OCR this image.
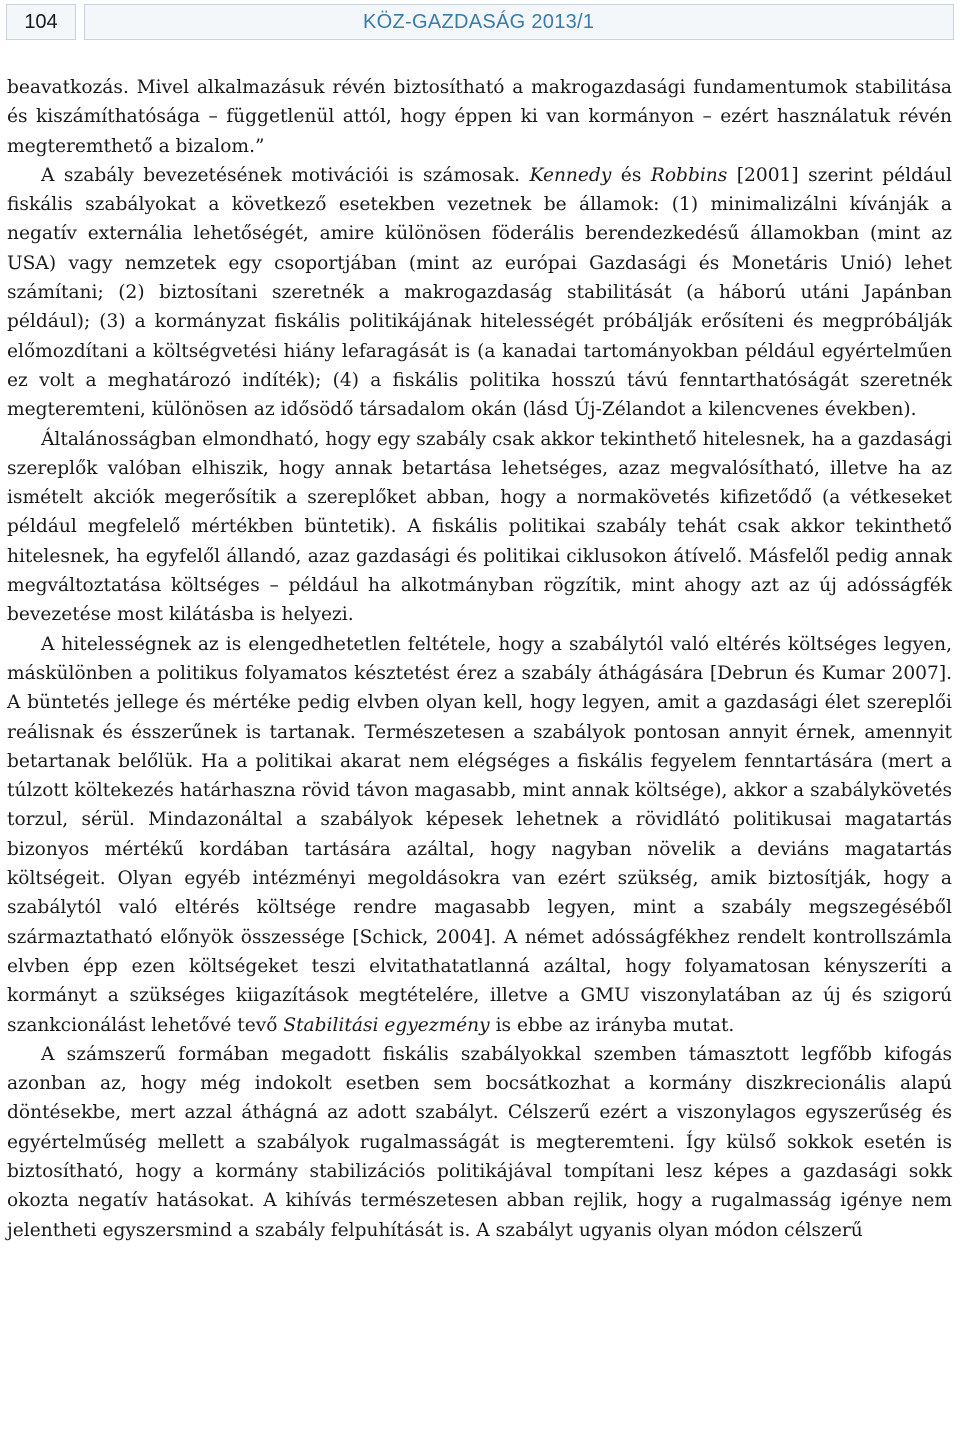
104	KÖZ-GAZDASÁG 2013/1

beavatkozás. Mivel alkalmazásuk révén biztosítható a makrogazdasági fundamentumok stabilitása és kiszámíthatósága – függetlenül attól, hogy éppen ki van kormányon – ezért használatuk révén megteremthető a bizalom.”

A szabály bevezetésének motivációi is számosak. Kennedy és Robbins [2001] szerint például fiskális szabályokat a következő esetekben vezetnek be államok: (1) minimalizálni kívánják a negatív externália lehetőségét, amire különösen föderális berendezkedésű államokban (mint az USA) vagy nemzetek egy csoportjában (mint az európai Gazdasági és Monetáris Unió) lehet számítani; (2) biztosítani szeretnék a makrogazdaság stabilitását (a háború utáni Japánban például); (3) a kormányzat fiskális politikájának hitelességét próbálják erősíteni és megpróbálják előmozdítani a költségvetési hiány lefaragását is (a kanadai tartományokban például egyértelműen ez volt a meghatározó indíték); (4) a fiskális politika hosszú távú fenntarthatóságát szeretnék megteremteni, különösen az idősödő társadalom okán (lásd Új-Zélandot a kilencvenes években).

Általánosságban elmondható, hogy egy szabály csak akkor tekinthető hitelesnek, ha a gazdasági szereplők valóban elhiszik, hogy annak betartása lehetséges, azaz megvalósítható, illetve ha az ismételt akciók megerősítik a szereplőket abban, hogy a normakövetés kifizetődő (a vétkeseket például megfelelő mértékben büntetik). A fiskális politikai szabály tehát csak akkor tekinthető hitelesnek, ha egyfelől állandó, azaz gazdasági és politikai ciklusokon átívelő. Másfelől pedig annak megváltoztatása költséges – például ha alkotmányban rögzítik, mint ahogy azt az új adósságfék bevezetése most kilátásba is helyezi.

A hitelességnek az is elengedhetetlen feltétele, hogy a szabálytól való eltérés költséges legyen, máskülönben a politikus folyamatos késztetést érez a szabály áthágására [Debrun és Kumar 2007]. A büntetés jellege és mértéke pedig elvben olyan kell, hogy legyen, amit a gazdasági élet szereplői reálisnak és ésszerűnek is tartanak. Természetesen a szabályok pontosan annyit érnek, amennyit betartanak belőlük. Ha a politikai akarat nem elégséges a fiskális fegyelem fenntartására (mert a túlzott költekezés határhaszna rövid távon magasabb, mint annak költsége), akkor a szabálykövetés torzul, sérül. Mindazonáltal a szabályok képesek lehetnek a rövidlátó politikusai magatartás bizonyos mértékű kordában tartására azáltal, hogy nagyban növelik a deviáns magatartás költségeit. Olyan egyéb intézményi megoldásokra van ezért szükség, amik biztosítják, hogy a szabálytól való eltérés költsége rendre magasabb legyen, mint a szabály megszegéséből származtatható előnyök összessége [Schick, 2004]. A német adósságfékhez rendelt kontrollszámla elvben épp ezen költségeket teszi elvitathatatlanná azáltal, hogy folyamatosan kényszeríti a kormányt a szükséges kiigazítások megtételére, illetve a GMU viszonylatában az új és szigorú szankcionálást lehetővé tevő Stabilitási egyezmény is ebbe az irányba mutat.

A számszerű formában megadott fiskális szabályokkal szemben támasztott legfőbb kifogás azonban az, hogy még indokolt esetben sem bocsátkozhat a kormány diszkrecionális alapú döntésekbe, mert azzal áthágná az adott szabályt. Célszerű ezért a viszonylagos egyszerűség és egyértelműség mellett a szabályok rugalmasságát is megteremteni. Így külső sokkok esetén is biztosítható, hogy a kormány stabilizációs politikájával tompítani lesz képes a gazdasági sokk okozta negatív hatásokat. A kihívás természetesen abban rejlik, hogy a rugalmasság igénye nem jelentheti egyszersmind a szabály felpuhítását is. A szabályt ugyanis olyan módon célszerű
